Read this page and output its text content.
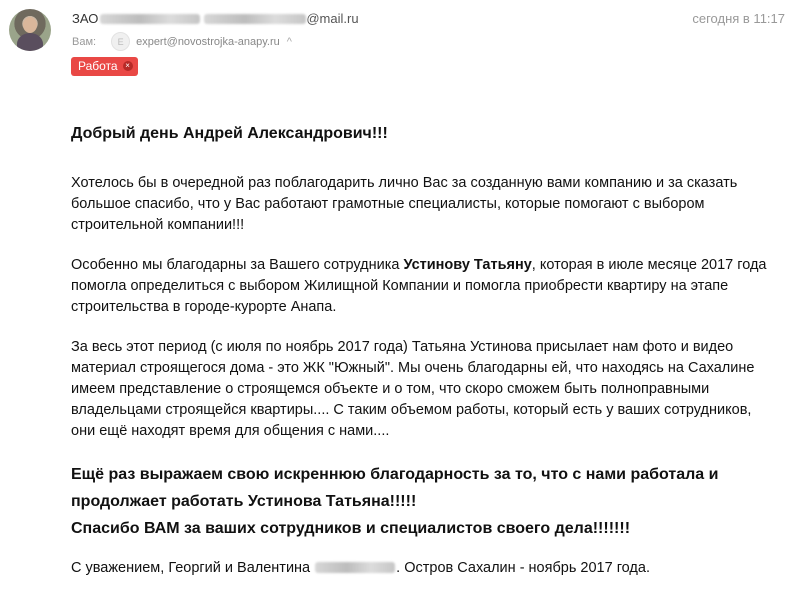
ЗАО	@mail.ru	сегодня в 11:17
Вам: E expert@novostrojka-anapy.ru ^
Работа ×

Добрый день Андрей Александрович!!!

Хотелось бы в очередной раз поблагодарить лично Вас за созданную вами компанию и за сказать большое спасибо, что у Вас работают грамотные специалисты, которые помогают с выбором строительной компании!!!

Особенно мы благодарны за Вашего сотрудника Устинову Татьяну, которая в июле месяце 2017 года помогла определиться с выбором Жилищной Компании и помогла приобрести квартиру на этапе строительства в городе-курорте Анапа.

За весь этот период (с июля по ноябрь 2017 года) Татьяна Устинова присылает нам фото и видео материал строящегося дома - это ЖК "Южный". Мы очень благодарны ей, что находясь на Сахалине имеем представление о строящемся объекте и о том, что скоро сможем быть полноправными владельцами строящейся квартиры.... С таким объемом работы, который есть у ваших сотрудников, они ещё находят время для общения с нами....

Ещё раз выражаем свою искреннюю благодарность за то, что с нами работала и продолжает работать Устинова Татьяна!!!!!
Спасибо ВАМ за ваших сотрудников и специалистов своего дела!!!!!!!

С уважением, Георгий и Валентина	. Остров Сахалин - ноябрь 2017 года.
